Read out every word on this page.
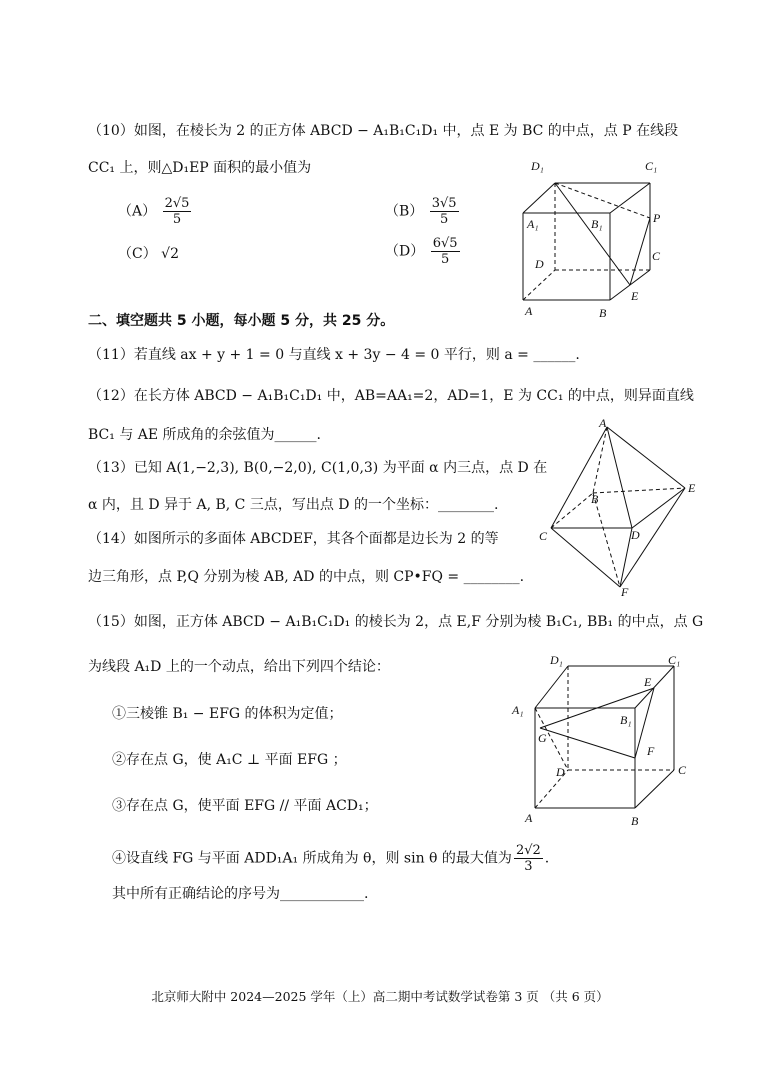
（10）如图，在棱长为 2 的正方体 ABCD − A₁B₁C₁D₁ 中，点 E 为 BC 的中点，点 P 在线段
CC₁ 上，则△D₁EP 面积的最小值为
$(A) \frac{2√5}{5}$	$(B) \frac{3√5}{5}$
（C） √2	$(D) \frac{6√5}{5}$
D₁	C₁
A₁	B₁	P
D
C
E
A	B
二、填空题共 5 小题，每小题 5 分，共 25 分。
（11）若直线 ax + y + 1 = 0 与直线 x + 3y − 4 = 0 平行，则 a = ______.
（12）在长方体 ABCD − A₁B₁C₁D₁ 中，AB=AA₁=2，AD=1，E 为 CC₁ 的中点，则异面直线
BC₁ 与 AE 所成角的余弦值为______.
（13）已知 A(1,−2,3), B(0,−2,0), C(1,0,3) 为平面 α 内三点，点 D 在
α 内，且 D 异于 A, B, C 三点，写出点 D 的一个坐标：________.
（14）如图所示的多面体 ABCDEF，其各个面都是边长为 2 的等
边三角形，点 P,Q 分别为棱 AB, AD 的中点，则 CP•FQ = ________.
A
B
E
C	D
F
（15）如图，正方体 ABCD − A₁B₁C₁D₁ 的棱长为 2，点 E,F 分别为棱 B₁C₁, BB₁ 的中点，点 G
为线段 A₁D 上的一个动点，给出下列四个结论：
①三棱锥 B₁ − EFG 的体积为定值；
②存在点 G，使 A₁C ⊥ 平面 EFG ；
③存在点 G，使平面 EFG // 平面 ACD₁；
④设直线 FG 与平面 ADD₁A₁ 所成角为 θ，则 sin θ 的最大值为 $\frac{2√2}{3}$ .
其中所有正确结论的序号为____________.
D₁	C₁
E
A₁
B₁
G
F
D	C
A	B
北京师大附中 2024—2025 学年（上）高二期中考试数学试卷第 3 页 （共 6 页）
